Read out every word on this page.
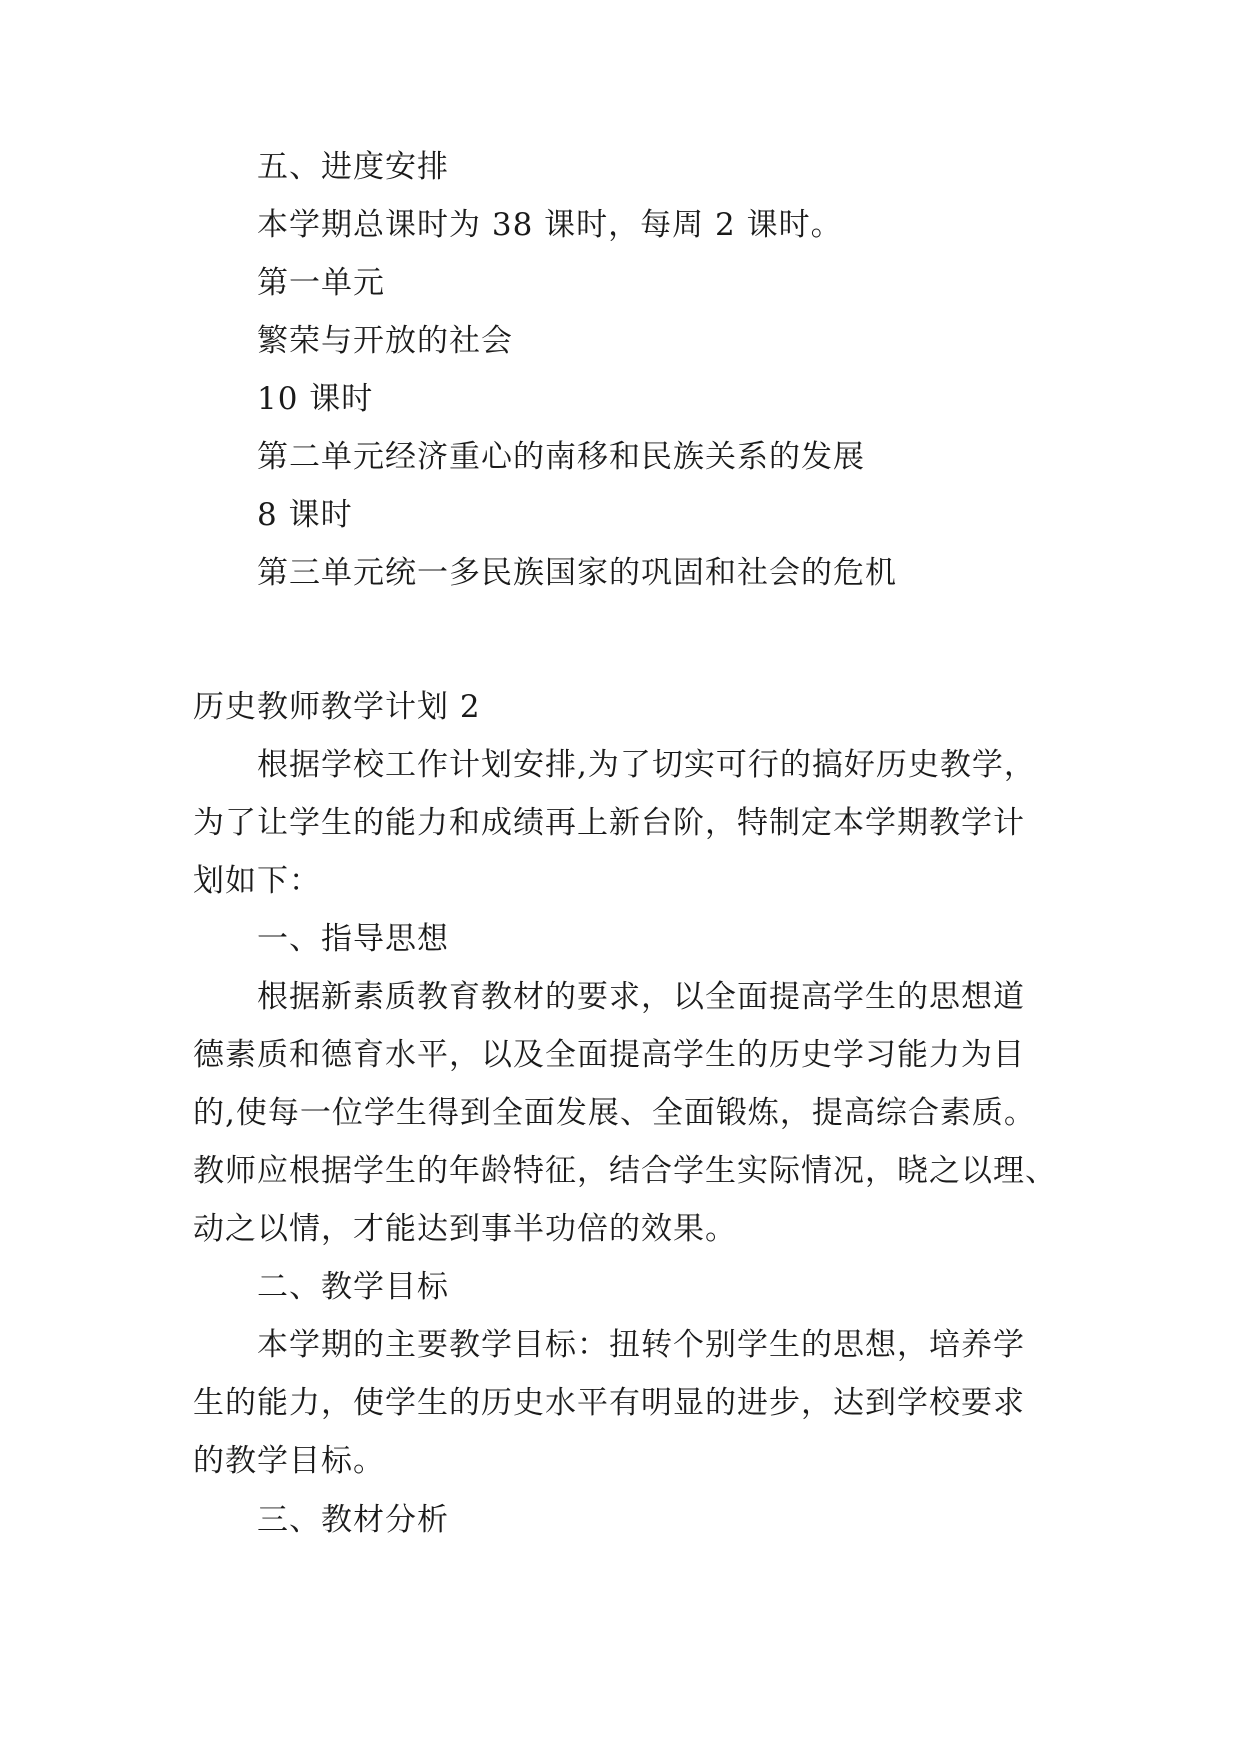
五、进度安排

本学期总课时为 38 课时，每周 2 课时。

第一单元

繁荣与开放的社会

10 课时

第二单元经济重心的南移和民族关系的发展

8 课时

第三单元统一多民族国家的巩固和社会的危机

历史教师教学计划 2

根据学校工作计划安排,为了切实可行的搞好历史教学，

为了让学生的能力和成绩再上新台阶，特制定本学期教学计

划如下：

一、指导思想

根据新素质教育教材的要求，以全面提高学生的思想道

德素质和德育水平，以及全面提高学生的历史学习能力为目

的,使每一位学生得到全面发展、全面锻炼，提高综合素质。

教师应根据学生的年龄特征，结合学生实际情况，晓之以理、

动之以情，才能达到事半功倍的效果。

二、教学目标

本学期的主要教学目标：扭转个别学生的思想，培养学

生的能力，使学生的历史水平有明显的进步，达到学校要求

的教学目标。

三、教材分析
